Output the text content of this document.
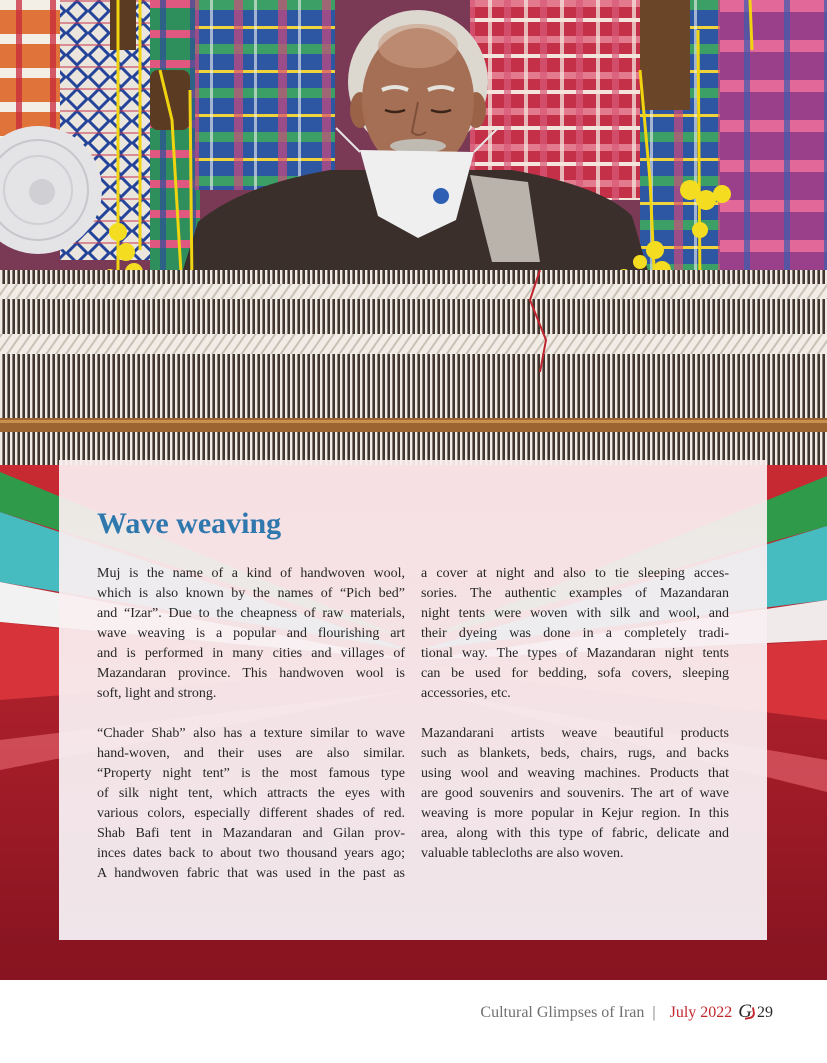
Wave weaving
Muj is the name of a kind of handwoven wool,
which is also known by the names of “Pich bed”
and “Izar”. Due to the cheapness of raw materials,
wave weaving is a popular and flourishing art
and is performed in many cities and villages of
Mazandaran province. This handwoven wool is
soft, light and strong.
“Chader Shab” also has a texture similar to wave
hand-woven, and their uses are also similar.
“Property night tent” is the most famous type
of silk night tent, which attracts the eyes with
various colors, especially different shades of red.
Shab Bafi tent in Mazandaran and Gilan prov-
inces dates back to about two thousand years ago;
A handwoven fabric that was used in the past as
a cover at night and also to tie sleeping acces-
sories. The authentic examples of Mazandaran
night tents were woven with silk and wool, and
their dyeing was done in a completely tradi-
tional way. The types of Mazandaran night tents
can be used for bedding, sofa covers, sleeping
accessories, etc.
Mazandarani artists weave beautiful products
such as blankets, beds, chairs, rugs, and backs
using wool and weaving machines. Products that
are good souvenirs and souvenirs. The art of wave
weaving is more popular in Kejur region. In this
area, along with this type of fabric, delicate and
valuable tablecloths are also woven.
Cultural Glimpses of Iran | July 2022 G 29
